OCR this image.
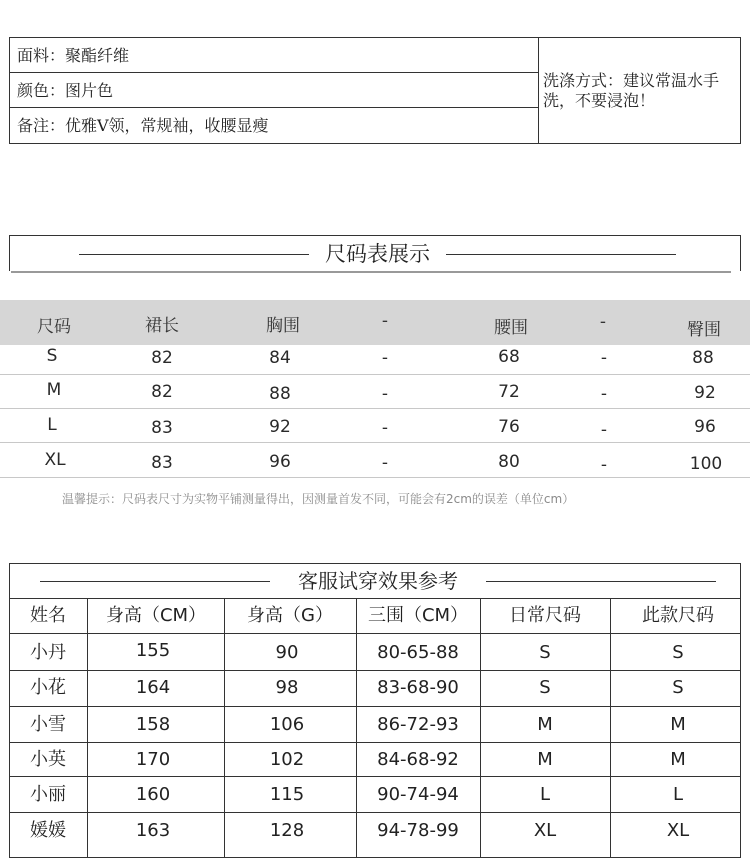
面料：聚酯纤维
颜色：图片色
备注：优雅V领，常规袖，收腰显瘦
洗涤方式：建议常温水手
洗，不要浸泡！
尺码表展示
尺码	裙长	胸围	-	腰围	-	臀围
S	82	84	-	68	-	88
M	82	88	-	72	-	92
L	83	92	-	76	-	96
XL	83	96	-	80	-	100
温馨提示：尺码表尺寸为实物平铺测量得出，因测量首发不同，可能会有2cm的误差（单位cm）
客服试穿效果参考
姓名 身高（CM） 身高（G） 三围（CM） 日常尺码	此款尺码
小丹	155	90	80-65-88	S	S
小花	164	98	83-68-90	S	S
小雪	158	106	86-72-93	M	M
小英	170	102	84-68-92	M	M
小丽	160	115	90-74-94	L	L
媛媛	163	128	94-78-99	XL	XL
